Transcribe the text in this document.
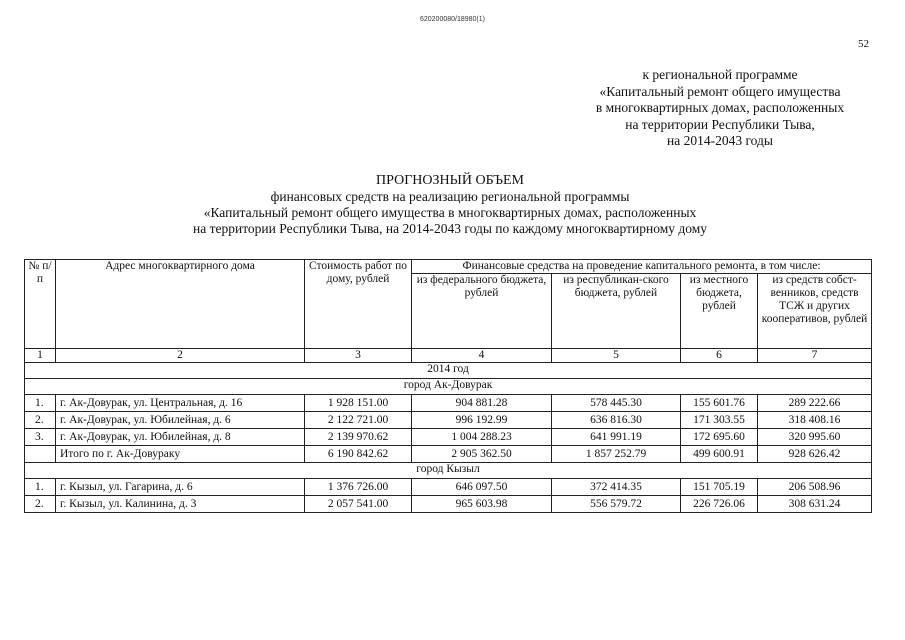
620200080/18980(1)
52
к региональной программе
«Капитальный ремонт общего имущества
в многоквартирных домах, расположенных
на территории Республики Тыва,
на 2014-2043 годы
ПРОГНОЗНЫЙ ОБЪЕМ
финансовых средств на реализацию региональной программы
«Капитальный ремонт общего имущества в многоквартирных домах, расположенных
на территории Республики Тыва, на 2014-2043 годы по каждому многоквартирному дому
№ п/п	Адрес многоквартирного дома	Стоимость работ по дому, рублей	Финансовые средства на проведение капитального ремонта, в том числе:			
			из федерального бюджета, рублей	из республикан-ского бюджета, рублей	из местного бюджета, рублей	из средств собст-венников, средств ТСЖ и других кооперативов, рублей
1	2	3	4	5	6	7
2014 год						
город Ак-Довурак						
1.	г. Ак-Довурак, ул. Центральная, д. 16	1 928 151.00	904 881.28	578 445.30	155 601.76	289 222.66
2.	г. Ак-Довурак, ул. Юбилейная, д. 6	2 122 721.00	996 192.99	636 816.30	171 303.55	318 408.16
3.	г. Ак-Довурак, ул. Юбилейная, д. 8	2 139 970.62	1 004 288.23	641 991.19	172 695.60	320 995.60
	Итого по г. Ак-Довураку	6 190 842.62	2 905 362.50	1 857 252.79	499 600.91	928 626.42
город Кызыл						
1.	г. Кызыл, ул. Гагарина, д. 6	1 376 726.00	646 097.50	372 414.35	151 705.19	206 508.96
2.	г. Кызыл, ул. Калинина, д. 3	2 057 541.00	965 603.98	556 579.72	226 726.06	308 631.24
